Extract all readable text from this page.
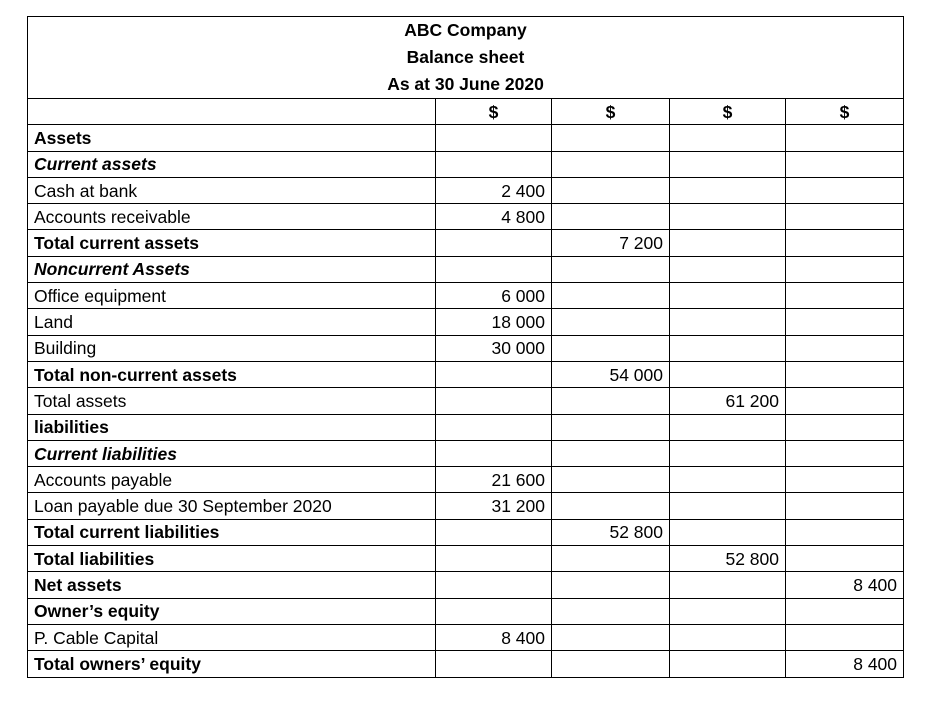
ABC Company
Balance sheet
As at 30 June 2020				

	$	$	$	$
Assets				
Current assets				
Cash at bank	2 400			
Accounts receivable	4 800			
Total current assets		7 200		
Noncurrent Assets				
Office equipment	6 000			
Land	18 000			
Building	30 000			
Total non-current assets		54 000		
Total assets			61 200	
liabilities				
Current liabilities				
Accounts payable	21 600			
Loan payable due 30 September 2020	31 200			
Total current liabilities		52 800		
Total liabilities			52 800	
Net assets				8 400
Owner’s equity				
P. Cable Capital	8 400			
Total owners’ equity				8 400
